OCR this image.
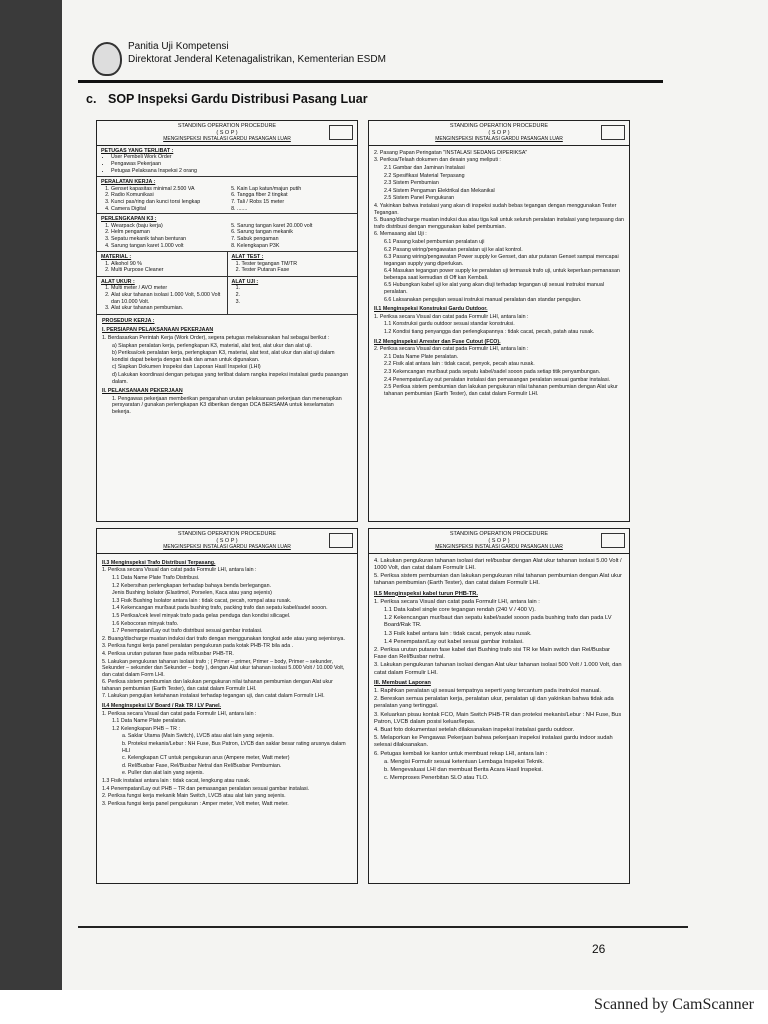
Panitia Uji Kompetensi
Direktorat Jenderal Ketenagalistrikan, Kementerian ESDM
c. SOP Inspeksi Gardu Distribusi Pasang Luar
STANDING OPERATION PROCEDURE
( S O P )
MENGINSPEKSI INSTALASI GARDU PASANGAN LUAR
PETUGAS YANG TERLIBAT :
• User Pembeli Work Order
• Pengawas Pekerjaan
• Petugas Pelaksana Inspeksi 2 orang
PERALATAN KERJA :
1. Genset kapasitas minimal 2.500 VA
2. Radio Komunikasi
3. Kunci pas/ring dan kunci torsi lengkap
4. Camera Digital
5. Kain Lap katun/majun putih
6. Tangga fiber 2 tingkat
7. Tali / Robs 15 meter
8. .......
PERLENGKAPAN K3 :
1. Wearpack (baju kerja)
2. Helm pengaman
3. Sepatu mekanik tahan benturan
4. Sarung tangan karet 1.000 volt
5. Sarung tangan karet 20.000 volt
6. Sarung tangan mekanik
7. Sabuk pengaman
8. Kelengkapan P3K
MATERIAL :
1. Alkohol 90 %
2. Multi Purpose Cleaner
ALAT TEST :
1. Tester tegangan TM/TR
2. Tester Putaran Fase
ALAT UKUR :
1. Multi meter / AVO meter
2. Alat ukur tahanan isolasi 1.000 Volt, 5.000 Volt dan 10.000 Volt.
3. Alat ukur tahanan pembumian.
ALAT UJI :
1.
2.
3.
PROSEDUR KERJA :
I. PERSIAPAN PELAKSANAAN PEKERJAAN
1. Berdasarkan Perintah Kerja (Work Order), segera petugas melaksanakan hal sebagai berikut :
a) Siapkan peralatan kerja, perlengkapan K3, material, alat test, alat ukur dan alat uji.
b) Periksa/cek peralatan kerja, perlengkapan K3, material, alat test, alat ukur dan alat uji dalam kondisi dapat bekerja dengan baik dan aman untuk digunakan.
c) Siapkan Dokumen Inspeksi dan Laporan Hasil Inspeksi (LHI)
d) Lakukan koordinasi dengan petugas yang terlibat dalam rangka inspeksi instalasi gardu pasangan dalam.
II. PELAKSANAAN PEKERJAAN
1. Pengawas pekerjaan memberikan pengarahan urutan pelaksanaan pekerjaan dan menerapkan persyaratan / gunakan perlengkapan K3 diberikan dengan DCA BERSAMA untuk keselamatan bekerja.
STANDING OPERATION PROCEDURE
( S O P )
MENGINSPEKSI INSTALASI GARDU PASANGAN LUAR
2. Pasang Papan Peringatan "INSTALASI SEDANG DIPERIKSA"
3. Periksa/Telaah dokumen dan desain yang meliputi :
2.1 Gambar dan Jaminan Instalasi
2.2 Spesifikasi Material Terpasang
2.3 Sistem Pembumian
2.4 Sistem Pengaman Elektrikal dan Mekanikal
2.5 Sistem Panel Pengukuran
4. Yakinkan bahwa instalasi yang akan di inspeksi sudah bebas tegangan dengan menggunakan Tester Tegangan.
5. Buang/discharge muatan induksi dua atau tiga kali untuk seluruh peralatan instalasi yang terpasang dan trafo distribusi dengan menggunakan kabel pembumian.
6. Memasang alat Uji :
6.1 Pasang kabel pembumian peralatan uji
6.2 Pasang wiring/pengawatan peralatan uji ke alat kontrol.
6.3 Pasang wiring/pengawatan Power supply ke Genset, dan atur putaran Genset sampai mencapai tegangan supply yang diperlukan.
6.4 Masukan tegangan power supply ke peralatan uji termasuk trafo uji, untuk keperluan pemanasan beberapa saat kemudian di Off kan Kembali.
6.5 Hubungkan kabel uji ke alat yang akan diuji terhadap tegangan uji sesuai instruksi manual peralatan.
6.6 Laksanakan pengujian sesuai instruksi manual peralatan dan standar pengujian.
II.1 Menginspeksi Konstruksi Gardu Outdoor.
1. Periksa secara Visual dan catat pada Formulir LHI, antara lain :
1.1 Konstruksi gardu outdoor sesuai standar konstruksi.
1.2 Kondisi tiang penyangga dan perlengkapannya : tidak cacat, pecah, patah atau rusak.
II.2 Menginspeksi Arrester dan Fuse Cutout (FCO).
2. Periksa secara Visual dan catat pada Formulir LHI, antara lain :
2.1 Data Name Plate peralatan.
2.2 Fisik alat antara lain : tidak cacat, penyok, pecah atau rusak.
2.3 Kekencangan mur/baut pada sepatu kabel/sadel sooon pada setiap titik penyambungan.
2.4 Penempatan/Lay out peralatan instalasi dan pemasangan peralatan sesuai gambar instalasi.
2.5 Periksa sistem pembumian dan lakukan pengukuran nilai tahanan pembumian dengan Alat ukur tahanan pembumian (Earth Tester), dan catat dalam Formulir LHI.
STANDING OPERATION PROCEDURE
( S O P )
MENGINSPEKSI INSTALASI GARDU PASANGAN LUAR
II.3 Menginspeksi Trafo Distribusi Terpasang.
1. Periksa secara Visual dan catat pada Formulir LHI, antara lain :
1.1 Data Name Plate Trafo Distribusi.
1.2 Kebersihan perlengkapan terhadap bahaya benda berlegangan.
Jenis Bushing Isolator (Elastimol, Porselen, Kaca atau yang sejenis)
1.3 Fisik Bushing Isolator antara lain : tidak cacat, pecah, rompal atau rusak.
1.4 Kekencangan mur/baut pada bushing trafo, packing trafo dan sepatu kabel/sadel sooon.
1.5 Periksa/cek level minyak trafo pada gelas penduga dan kondisi silicagel.
1.6 Kebocoran minyak trafo.
1.7 Penempatan/Lay out trafo distribusi sesuai gambar instalasi.
2. Buang/discharge muatan induksi dari trafo dengan menggunakan tongkat arde atau yang sejenisnya.
3. Periksa fungsi kerja panel peralatan pengukuran pada kotak PHB-TR bila ada .
4. Periksa urutan putaran fase pada rel/busbar PHB-TR.
5. Lakukan pengukuran tahanan isolasi trafo ; ( Primer – primer, Primer – body, Primer – sekunder, Sekunder – sekunder dan Sekunder – body ), dengan Alat ukur tahanan isolasi 5.000 Volt / 10.000 Volt, dan catat dalam Form LHI.
6. Periksa sistem pembumian dan lakukan pengukuran nilai tahanan pembumian dengan Alat ukur tahanan pembumian (Earth Tester), dan catat dalam Formulir LHI.
7. Lakukan pengujian ketahanan instalasi terhadap tegangan uji, dan catat dalam Formulir LHI.
II.4 Menginspeksi LV Board / Rak TR / LV Panel.
1. Periksa secara Visual dan catat pada Formulir LHI, antara lain :
1.1 Data Name Plate peralatan.
1.2 Kelengkapan PHB – TR :
a. Saklar Utama (Main Switch), LVCB atau alat lain yang sejenis.
b. Proteksi mekanis/Lebur : NH Fuse, Bus Patron, LVCB dan saklar besar rating arusnya dalam HLI
c. Kelengkapan CT untuk pengukuran arus (Ampere meter, Watt meter)
d. Rel/Busbar Fase, Rel/Busbar Netral dan Rel/Busbar Pembumian.
e. Puller dan alat lain yang sejenis.
1.3 Fisik instalasi antara lain : tidak cacat, lengkung atau rusak.
1.4 Penempatan/Lay out PHB – TR dan pemasangan peralatan sesuai gambar instalasi.
2. Periksa fungsi kerja mekanik Main Switch, LVCB atau alat lain yang sejenis.
3. Periksa fungsi kerja panel pengukuran : Amper meter, Volt meter, Watt meter.
STANDING OPERATION PROCEDURE
( S O P )
MENGINSPEKSI INSTALASI GARDU PASANGAN LUAR
4. Lakukan pengukuran tahanan isolasi dari rel/busbar dengan Alat ukur tahanan isolasi 5.00 Volt / 1000 Volt, dan catat dalam Formulir LHI.
5. Periksa sistem pembumian dan lakukan pengukuran nilai tahanan pembumian dengan Alat ukur tahanan pembumian (Earth Tester), dan catat dalam Formulir LHI.
II.5 Menginspeksi kabel turun PHB-TR.
1. Periksa secara Visual dan catat pada Formulir LHI, antara lain :
1.1 Data kabel single core tegangan rendah (240 V / 400 V).
1.2 Kekencangan mur/baut dan sepatu kabel/sadel sooon pada bushing trafo dan pada LV Board/Rak TR.
1.3 Fisik kabel antara lain : tidak cacat, penyok atau rusak.
1.4 Penempatan/Lay out kabel sesuai gambar instalasi.
2. Periksa urutan putaran fase kabel dari Bushing trafo sisi TR ke Main switch dan Rel/Busbar Fase dan Rel/Busbar netral.
3. Lakukan pengukuran tahanan isolasi dengan Alat ukur tahanan isolasi 500 Volt / 1.000 Volt, dan catat dalam Formulir LHI.
III. Membuat Laporan
1. Rapihkan peralatan uji sesuai tempatnya seperti yang tercantum pada instruksi manual.
2. Bereskan semua peralatan kerja, peralatan ukur, peralatan uji dan yakinkan bahwa tidak ada peralatan yang tertinggal.
3. Keluarkan pisau kontak FCO, Main Switch PHB-TR dan proteksi mekanis/Lebur : NH Fuse, Bus Patron, LVCB dalam posisi keluar/lepas.
4. Buat foto dokumentasi setelah dilaksanakan inspeksi instalasi gardu outdoor.
5. Melaporkan ke Pengawas Pekerjaan bahwa pekerjaan inspeksi instalasi gardu indoor sudah selesai dilaksanakan.
6. Petugas kembali ke kantor untuk membuat rekap LHI, antara lain :
a. Mengisi Formulir sesuai ketentuan Lembaga Inspeksi Teknik.
b. Mengevaluasi LHI dan membuat Berita Acara Hasil Inspeksi.
c. Memproses Penerbitan SLO atau TLO.
26
Scanned by CamScanner
